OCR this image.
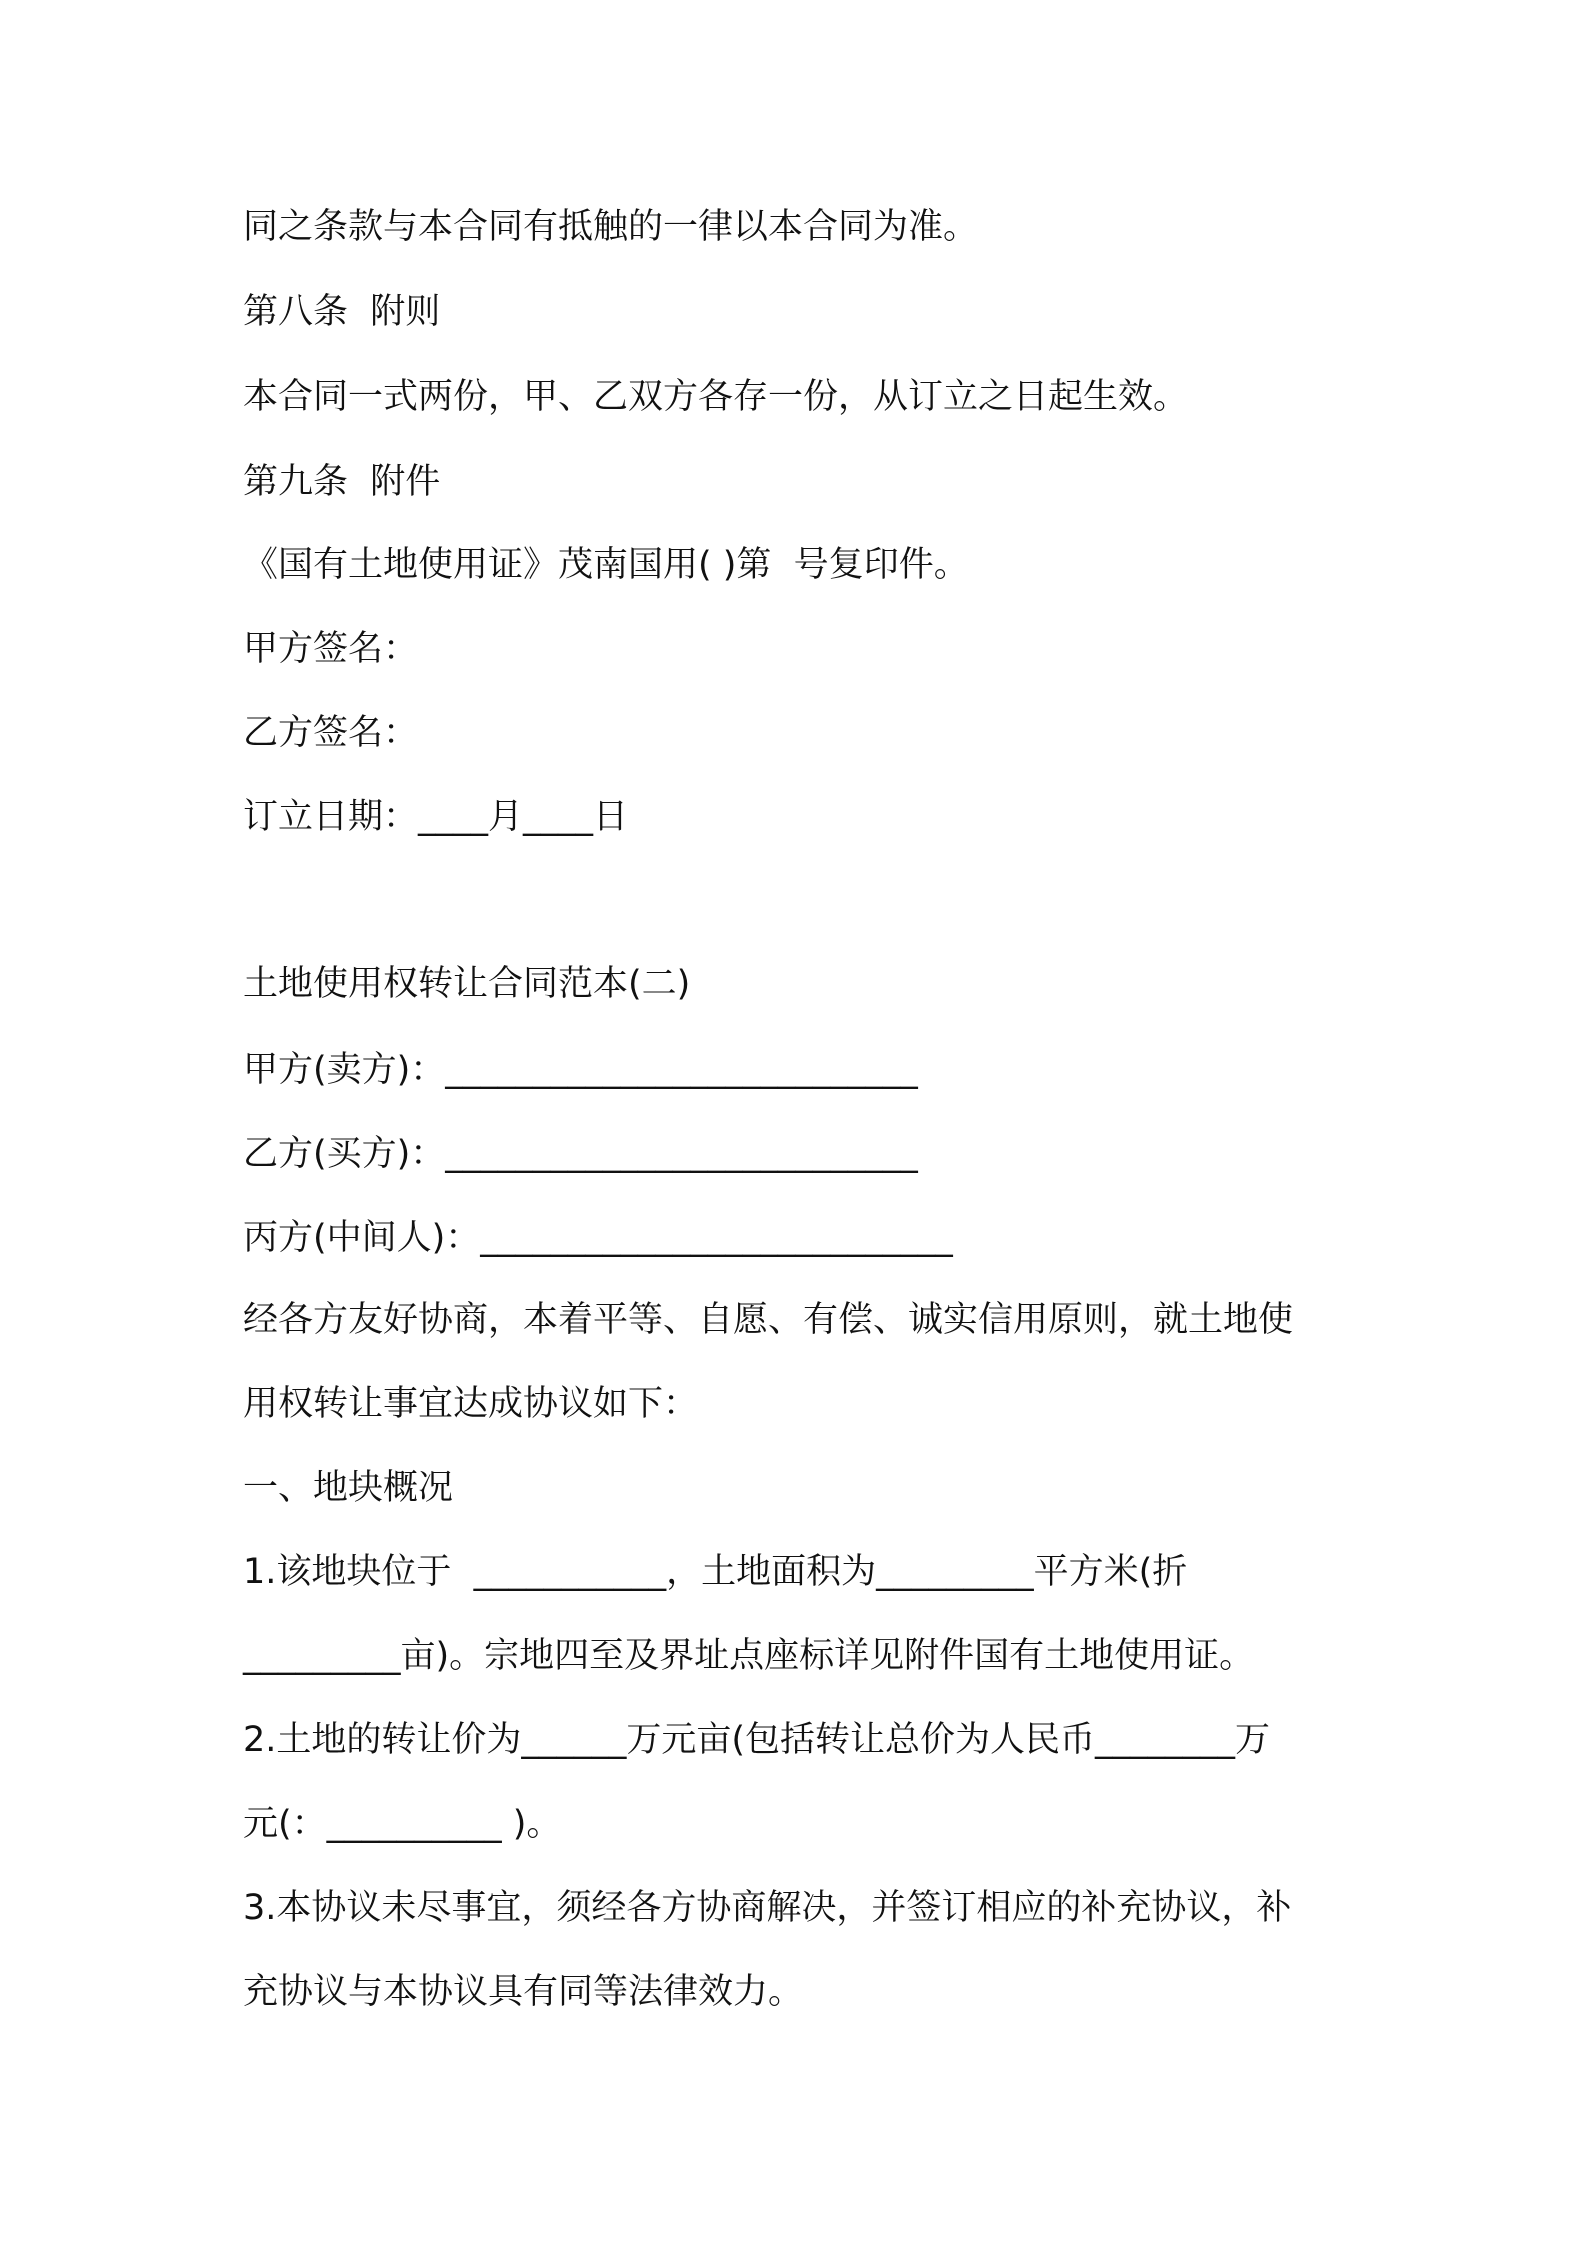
同之条款与本合同有抵触的一律以本合同为准。
第八条  附则
本合同一式两份，甲、乙双方各存一份，从订立之日起生效。
第九条  附件
《国有土地使用证》茂南国用( )第  号复印件。
甲方签名：
乙方签名：
订立日期：____月____日
土地使用权转让合同范本(二)
甲方(卖方)：___________________________
乙方(买方)：___________________________
丙方(中间人)：___________________________
经各方友好协商，本着平等、自愿、有偿、诚实信用原则，就土地使
用权转让事宜达成协议如下：
一、地块概况
1.该地块位于  ___________，土地面积为_________平方米(折
_________亩)。宗地四至及界址点座标详见附件国有土地使用证。
2.土地的转让价为______万元亩(包括转让总价为人民币________万
元(：__________ )。
3.本协议未尽事宜，须经各方协商解决，并签订相应的补充协议，补
充协议与本协议具有同等法律效力。
